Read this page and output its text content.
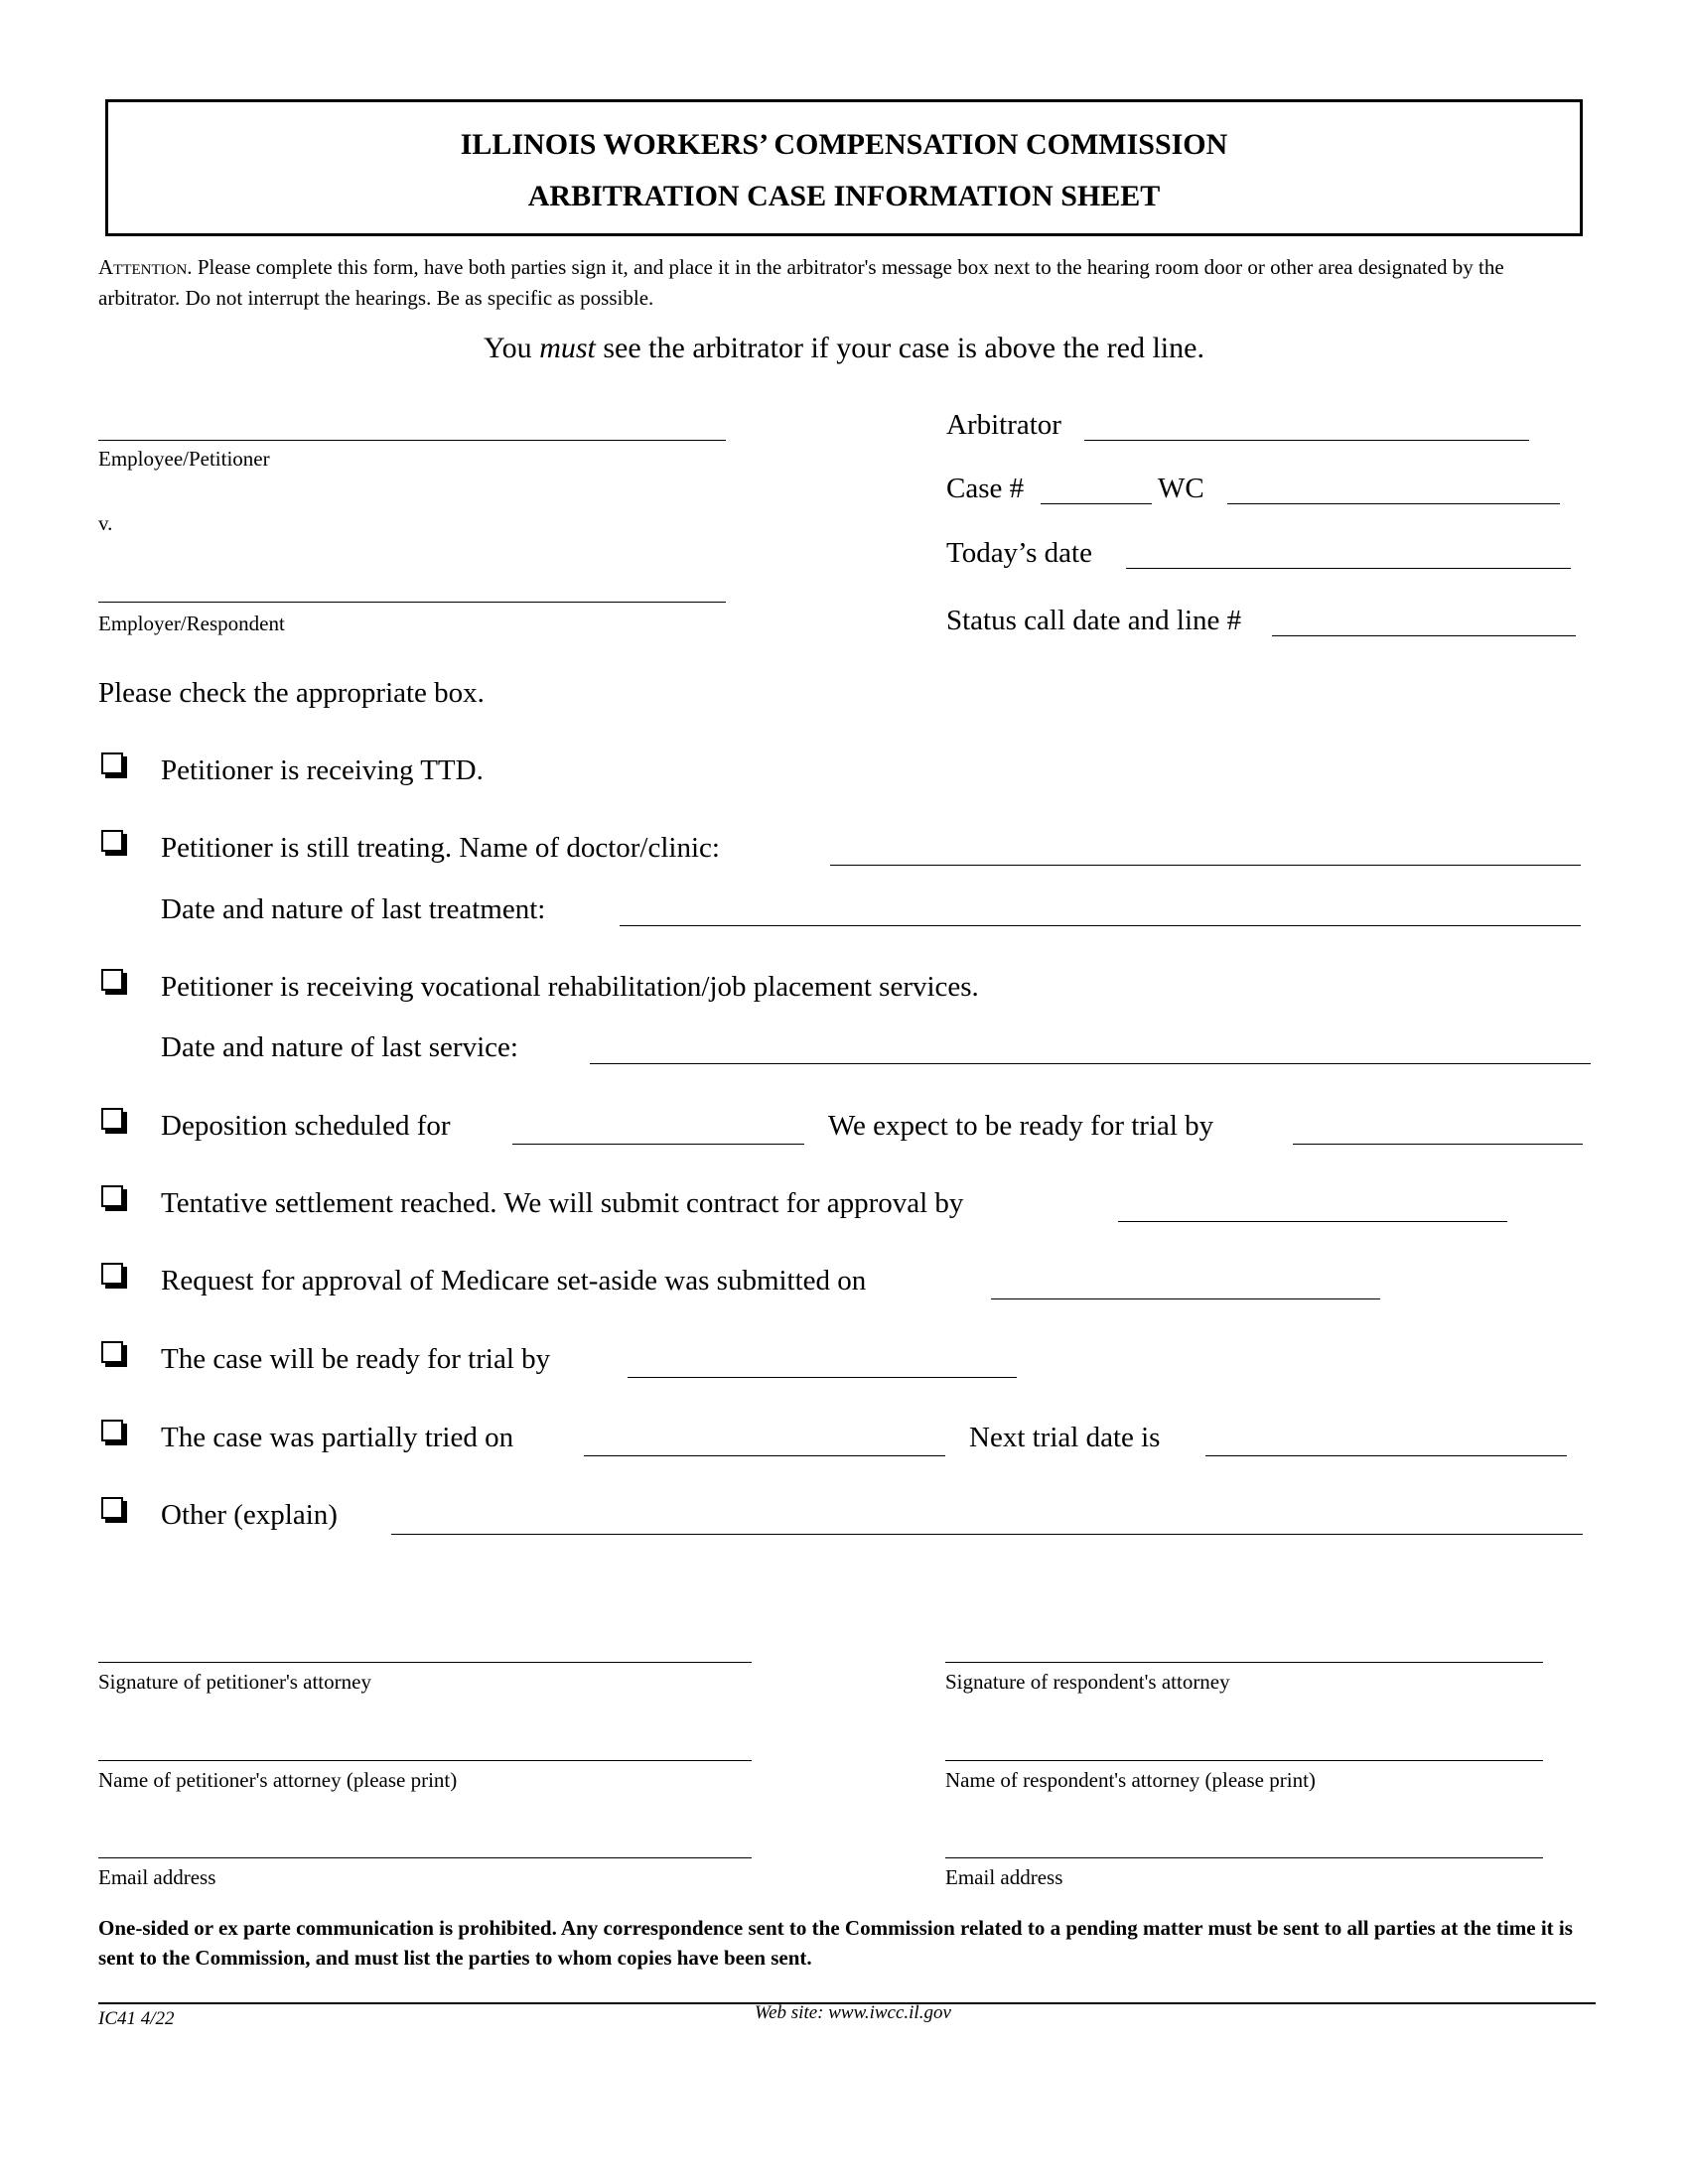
ILLINOIS WORKERS’ COMPENSATION COMMISSION
ARBITRATION CASE INFORMATION SHEET
Attention. Please complete this form, have both parties sign it, and place it in the arbitrator's message box next to the hearing room door or other area designated by the arbitrator. Do not interrupt the hearings. Be as specific as possible.
You must see the arbitrator if your case is above the red line.
Employee/Petitioner
v.
Employer/Respondent
Arbitrator
Case #	WC
Today’s date
Status call date and line #
Please check the appropriate box.
Petitioner is receiving TTD.
Petitioner is still treating. Name of doctor/clinic:
Date and nature of last treatment:
Petitioner is receiving vocational rehabilitation/job placement services.
Date and nature of last service:
Deposition scheduled for	We expect to be ready for trial by
Tentative settlement reached. We will submit contract for approval by
Request for approval of Medicare set-aside was submitted on
The case will be ready for trial by
The case was partially tried on	Next trial date is
Other (explain)
Signature of petitioner's attorney	Signature of respondent's attorney
Name of petitioner's attorney (please print)	Name of respondent's attorney (please print)
Email address	Email address
One-sided or ex parte communication is prohibited. Any correspondence sent to the Commission related to a pending matter must be sent to all parties at the time it is sent to the Commission, and must list the parties to whom copies have been sent.
IC41 4/22	Web site: www.iwcc.il.gov
